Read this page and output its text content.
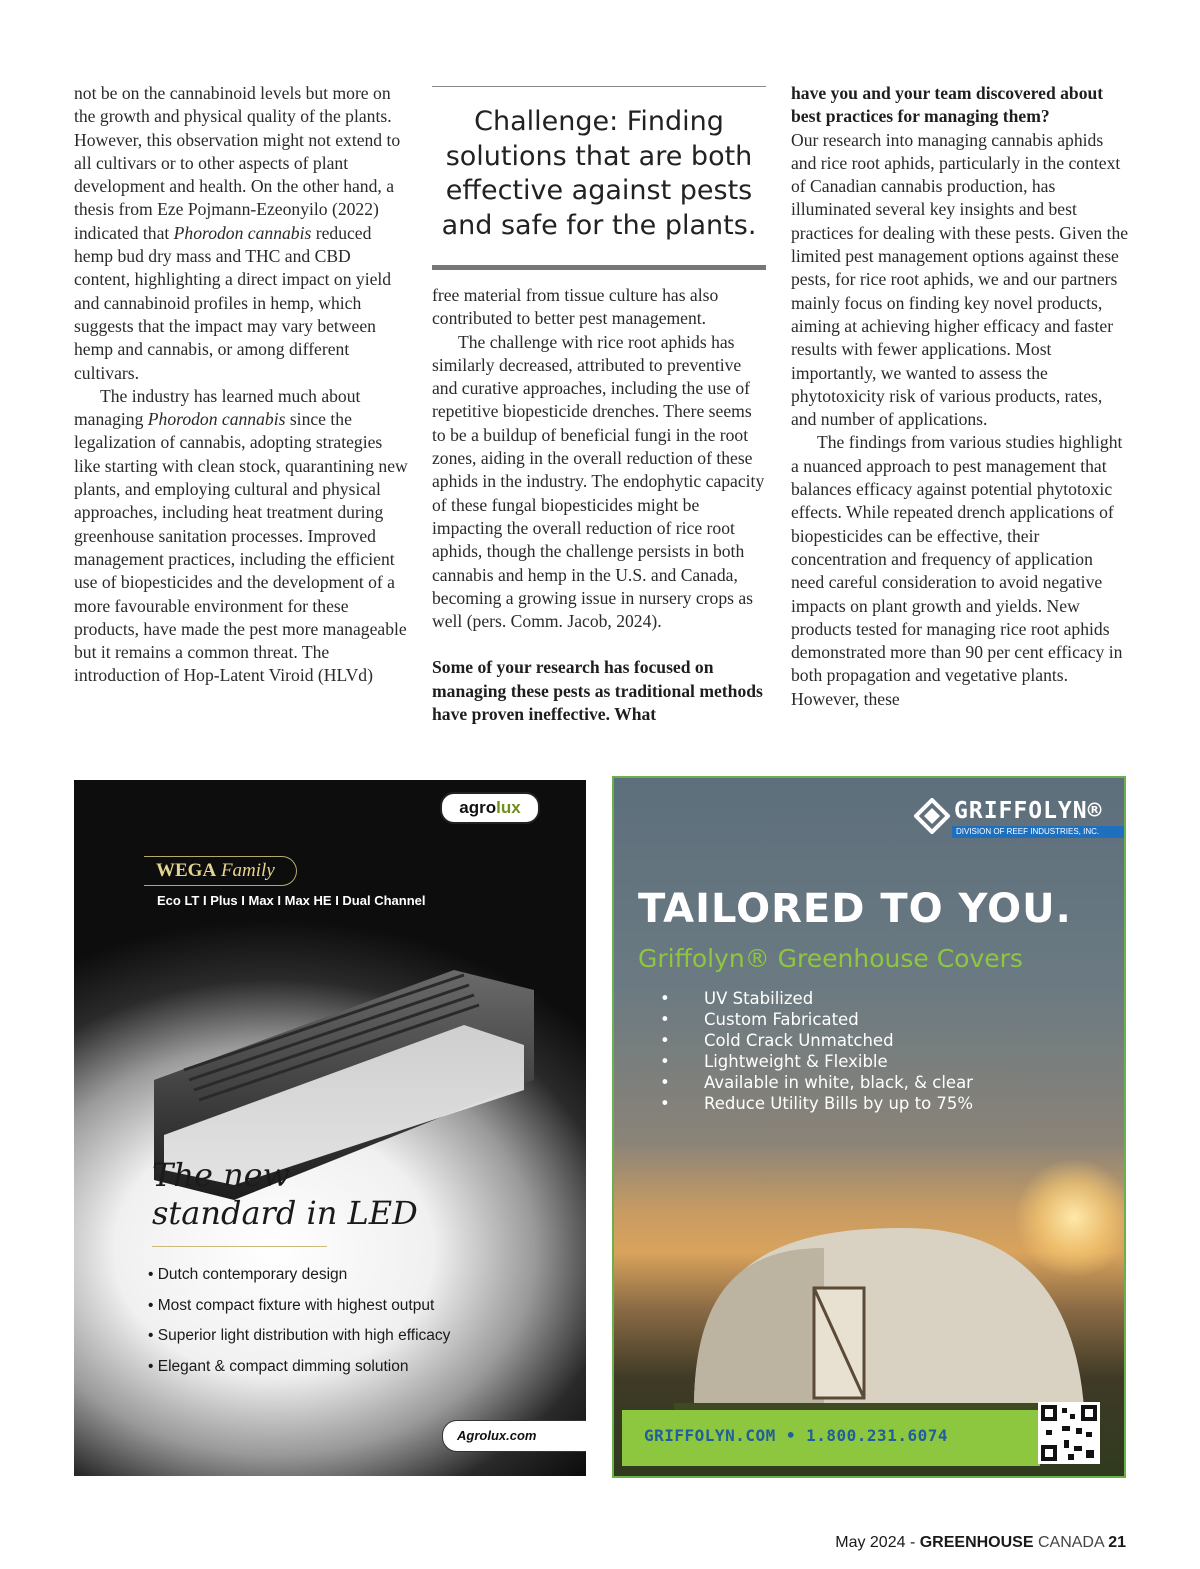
not be on the cannabinoid levels but more on the growth and physical quality of the plants. However, this observation might not extend to all cultivars or to other aspects of plant development and health. On the other hand, a thesis from Eze Pojmann-Ezeonyilo (2022) indicated that Phorodon cannabis reduced hemp bud dry mass and THC and CBD content, highlighting a direct impact on yield and cannabinoid profiles in hemp, which suggests that the impact may vary between hemp and cannabis, or among different cultivars.

The industry has learned much about managing Phorodon cannabis since the legalization of cannabis, adopting strategies like starting with clean stock, quarantining new plants, and employing cultural and physical approaches, including heat treatment during greenhouse sanitation processes. Improved management practices, including the efficient use of biopesticides and the development of a more favourable environment for these products, have made the pest more manageable but it remains a common threat. The introduction of Hop-Latent Viroid (HLVd)

Challenge: Finding solutions that are both effective against pests and safe for the plants.

free material from tissue culture has also contributed to better pest management.

The challenge with rice root aphids has similarly decreased, attributed to preventive and curative approaches, including the use of repetitive biopesticide drenches. There seems to be a buildup of beneficial fungi in the root zones, aiding in the overall reduction of these aphids in the industry. The endophytic capacity of these fungal biopesticides might be impacting the overall reduction of rice root aphids, though the challenge persists in both cannabis and hemp in the U.S. and Canada, becoming a growing issue in nursery crops as well (pers. Comm. Jacob, 2024).

Some of your research has focused on managing these pests as traditional methods have proven ineffective. What

have you and your team discovered about best practices for managing them?

Our research into managing cannabis aphids and rice root aphids, particularly in the context of Canadian cannabis production, has illuminated several key insights and best practices for dealing with these pests. Given the limited pest management options against these pests, for rice root aphids, we and our partners mainly focus on finding key novel products, aiming at achieving higher efficacy and faster results with fewer applications. Most importantly, we wanted to assess the phytotoxicity risk of various products, rates, and number of applications.

The findings from various studies highlight a nuanced approach to pest management that balances efficacy against potential phytotoxic effects. While repeated drench applications of biopesticides can be effective, their concentration and frequency of application need careful consideration to avoid negative impacts on plant growth and yields. New products tested for managing rice root aphids demonstrated more than 90 per cent efficacy in both propagation and vegetative plants. However, these

agrolux
WEGA Family
Eco LT I Plus I Max I Max HE I Dual Channel
The new
standard in LED
• Dutch contemporary design
• Most compact fixture with highest output
• Superior light distribution with high efficacy
• Elegant & compact dimming solution
Agrolux.com
GRIFFOLYN®
DIVISION OF REEF INDUSTRIES, INC.
TAILORED TO YOU.
Griffolyn® Greenhouse Covers
• UV Stabilized
• Custom Fabricated
• Cold Crack Unmatched
• Lightweight & Flexible
• Available in white, black, & clear
• Reduce Utility Bills by up to 75%
GRIFFOLYN.COM • 1.800.231.6074
May 2024 - GREENHOUSE CANADA 21
